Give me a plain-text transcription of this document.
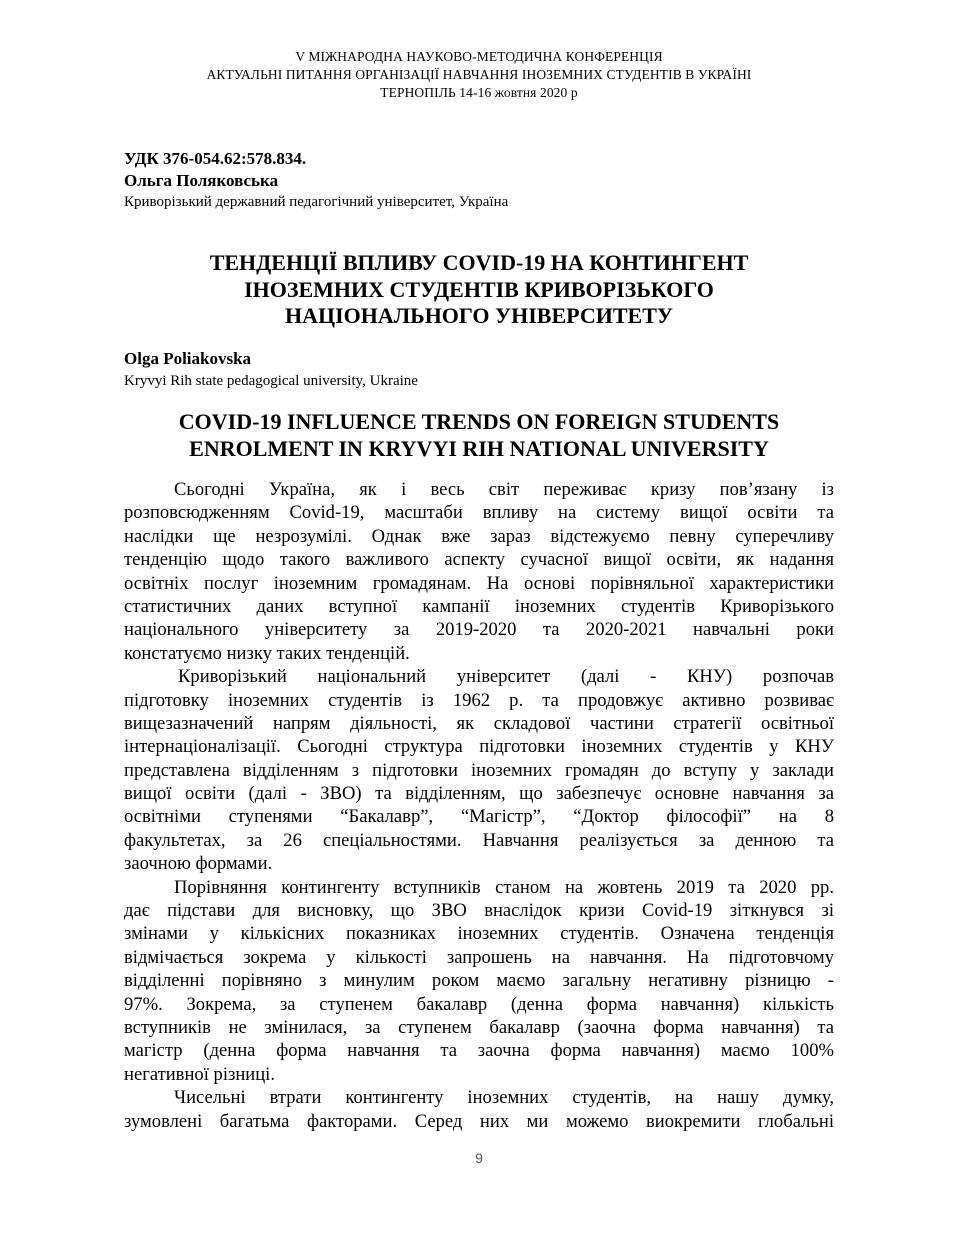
V МІЖНАРОДНА НАУКОВО-МЕТОДИЧНА КОНФЕРЕНЦІЯ
АКТУАЛЬНІ ПИТАННЯ ОРГАНІЗАЦІЇ НАВЧАННЯ ІНОЗЕМНИХ СТУДЕНТІВ В УКРАЇНІ
ТЕРНОПІЛЬ 14-16 жовтня 2020 р
УДК 376-054.62:578.834.
Ольга Поляковська
Криворізький державний педагогічний університет, Україна
ТЕНДЕНЦІЇ ВПЛИВУ COVID-19 НА КОНТИНГЕНТ
ІНОЗЕМНИХ СТУДЕНТІВ КРИВОРІЗЬКОГО
НАЦІОНАЛЬНОГО УНІВЕРСИТЕТУ
Olga Poliakovska
Kryvyi Rih state pedagogical university, Ukraine
COVID-19 INFLUENCE TRENDS ON FOREIGN STUDENTS
ENROLMENT IN KRYVYI RIH NATIONAL UNIVERSITY
Сьогодні Україна, як і весь світ переживає кризу пов’язану із
розповсюдженням Covid-19, масштаби впливу на систему вищої освіти та
наслідки ще незрозумілі. Однак вже зараз відстежуємо певну суперечливу
тенденцію щодо такого важливого аспекту сучасної вищої освіти, як надання
освітніх послуг іноземним громадянам. На основі порівняльної характеристики
статистичних даних вступної кампанії іноземних студентів Криворізького
національного університету за 2019-2020 та 2020-2021 навчальні роки
констатуємо низку таких тенденцій.
Криворізький національний університет (далі - КНУ) розпочав
підготовку іноземних студентів із 1962 р. та продовжує активно розвиває
вищезазначений напрям діяльності, як складової частини стратегії освітньої
інтернаціоналізації. Сьогодні структура підготовки іноземних студентів у КНУ
представлена відділенням з підготовки іноземних громадян до вступу у заклади
вищої освіти (далі - ЗВО) та відділенням, що забезпечує основне навчання за
освітніми ступенями “Бакалавр”, “Магістр”, “Доктор філософії” на 8
факультетах, за 26 спеціальностями. Навчання реалізується за денною та
заочною формами.
Порівняння контингенту вступників станом на жовтень 2019 та 2020 рр.
дає підстави для висновку, що ЗВО внаслідок кризи Covid-19 зіткнувся зі
змінами у кількісних показниках іноземних студентів. Означена тенденція
відмічається зокрема у кількості запрошень на навчання. На підготовчому
відділенні порівняно з минулим роком маємо загальну негативну різницю -
97%. Зокрема, за ступенем бакалавр (денна форма навчання) кількість
вступників не змінилася, за ступенем бакалавр (заочна форма навчання) та
магістр (денна форма навчання та заочна форма навчання) маємо 100%
негативної різниці.
Чисельні втрати контингенту іноземних студентів, на нашу думку,
зумовлені багатьма факторами. Серед них ми можемо виокремити глобальні
9
